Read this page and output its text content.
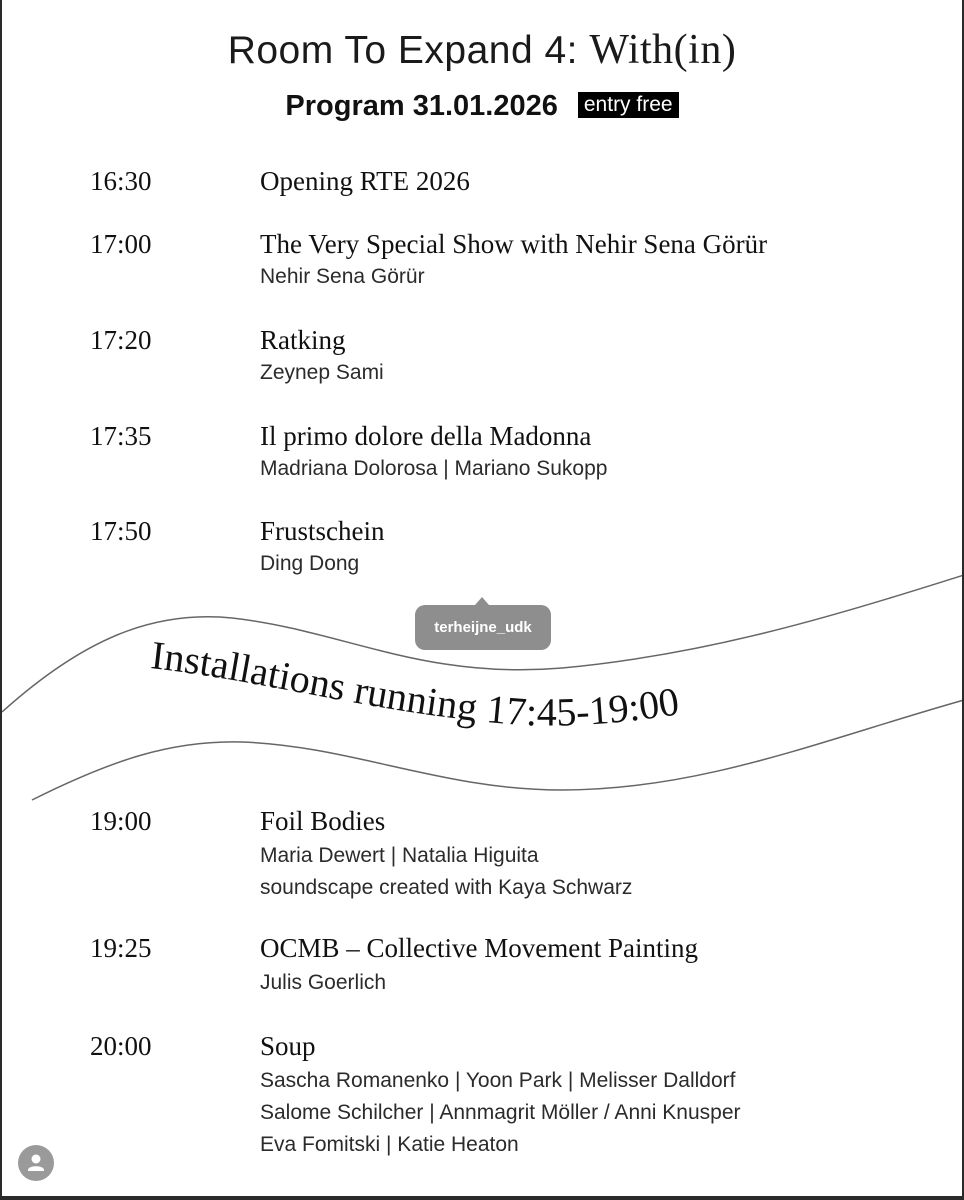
Room To Expand 4: With(in)
Program 31.01.2026 entry free
16:30	Opening RTE 2026
17:00	The Very Special Show with Nehir Sena Görür
Nehir Sena Görür
17:20	Ratking
Zeynep Sami
17:35	Il primo dolore della Madonna
Madriana Dolorosa | Mariano Sukopp
17:50	Frustschein
Ding Dong
Installations running 17:45-19:00
19:00	Foil Bodies
Maria Dewert | Natalia Higuita
soundscape created with Kaya Schwarz
19:25	OCMB – Collective Movement Painting
Julis Goerlich
20:00	Soup
Sascha Romanenko | Yoon Park | Melisser Dalldorf
Salome Schilcher | Annmagrit Möller / Anni Knusper
Eva Fomitski | Katie Heaton
terheijne_udk
